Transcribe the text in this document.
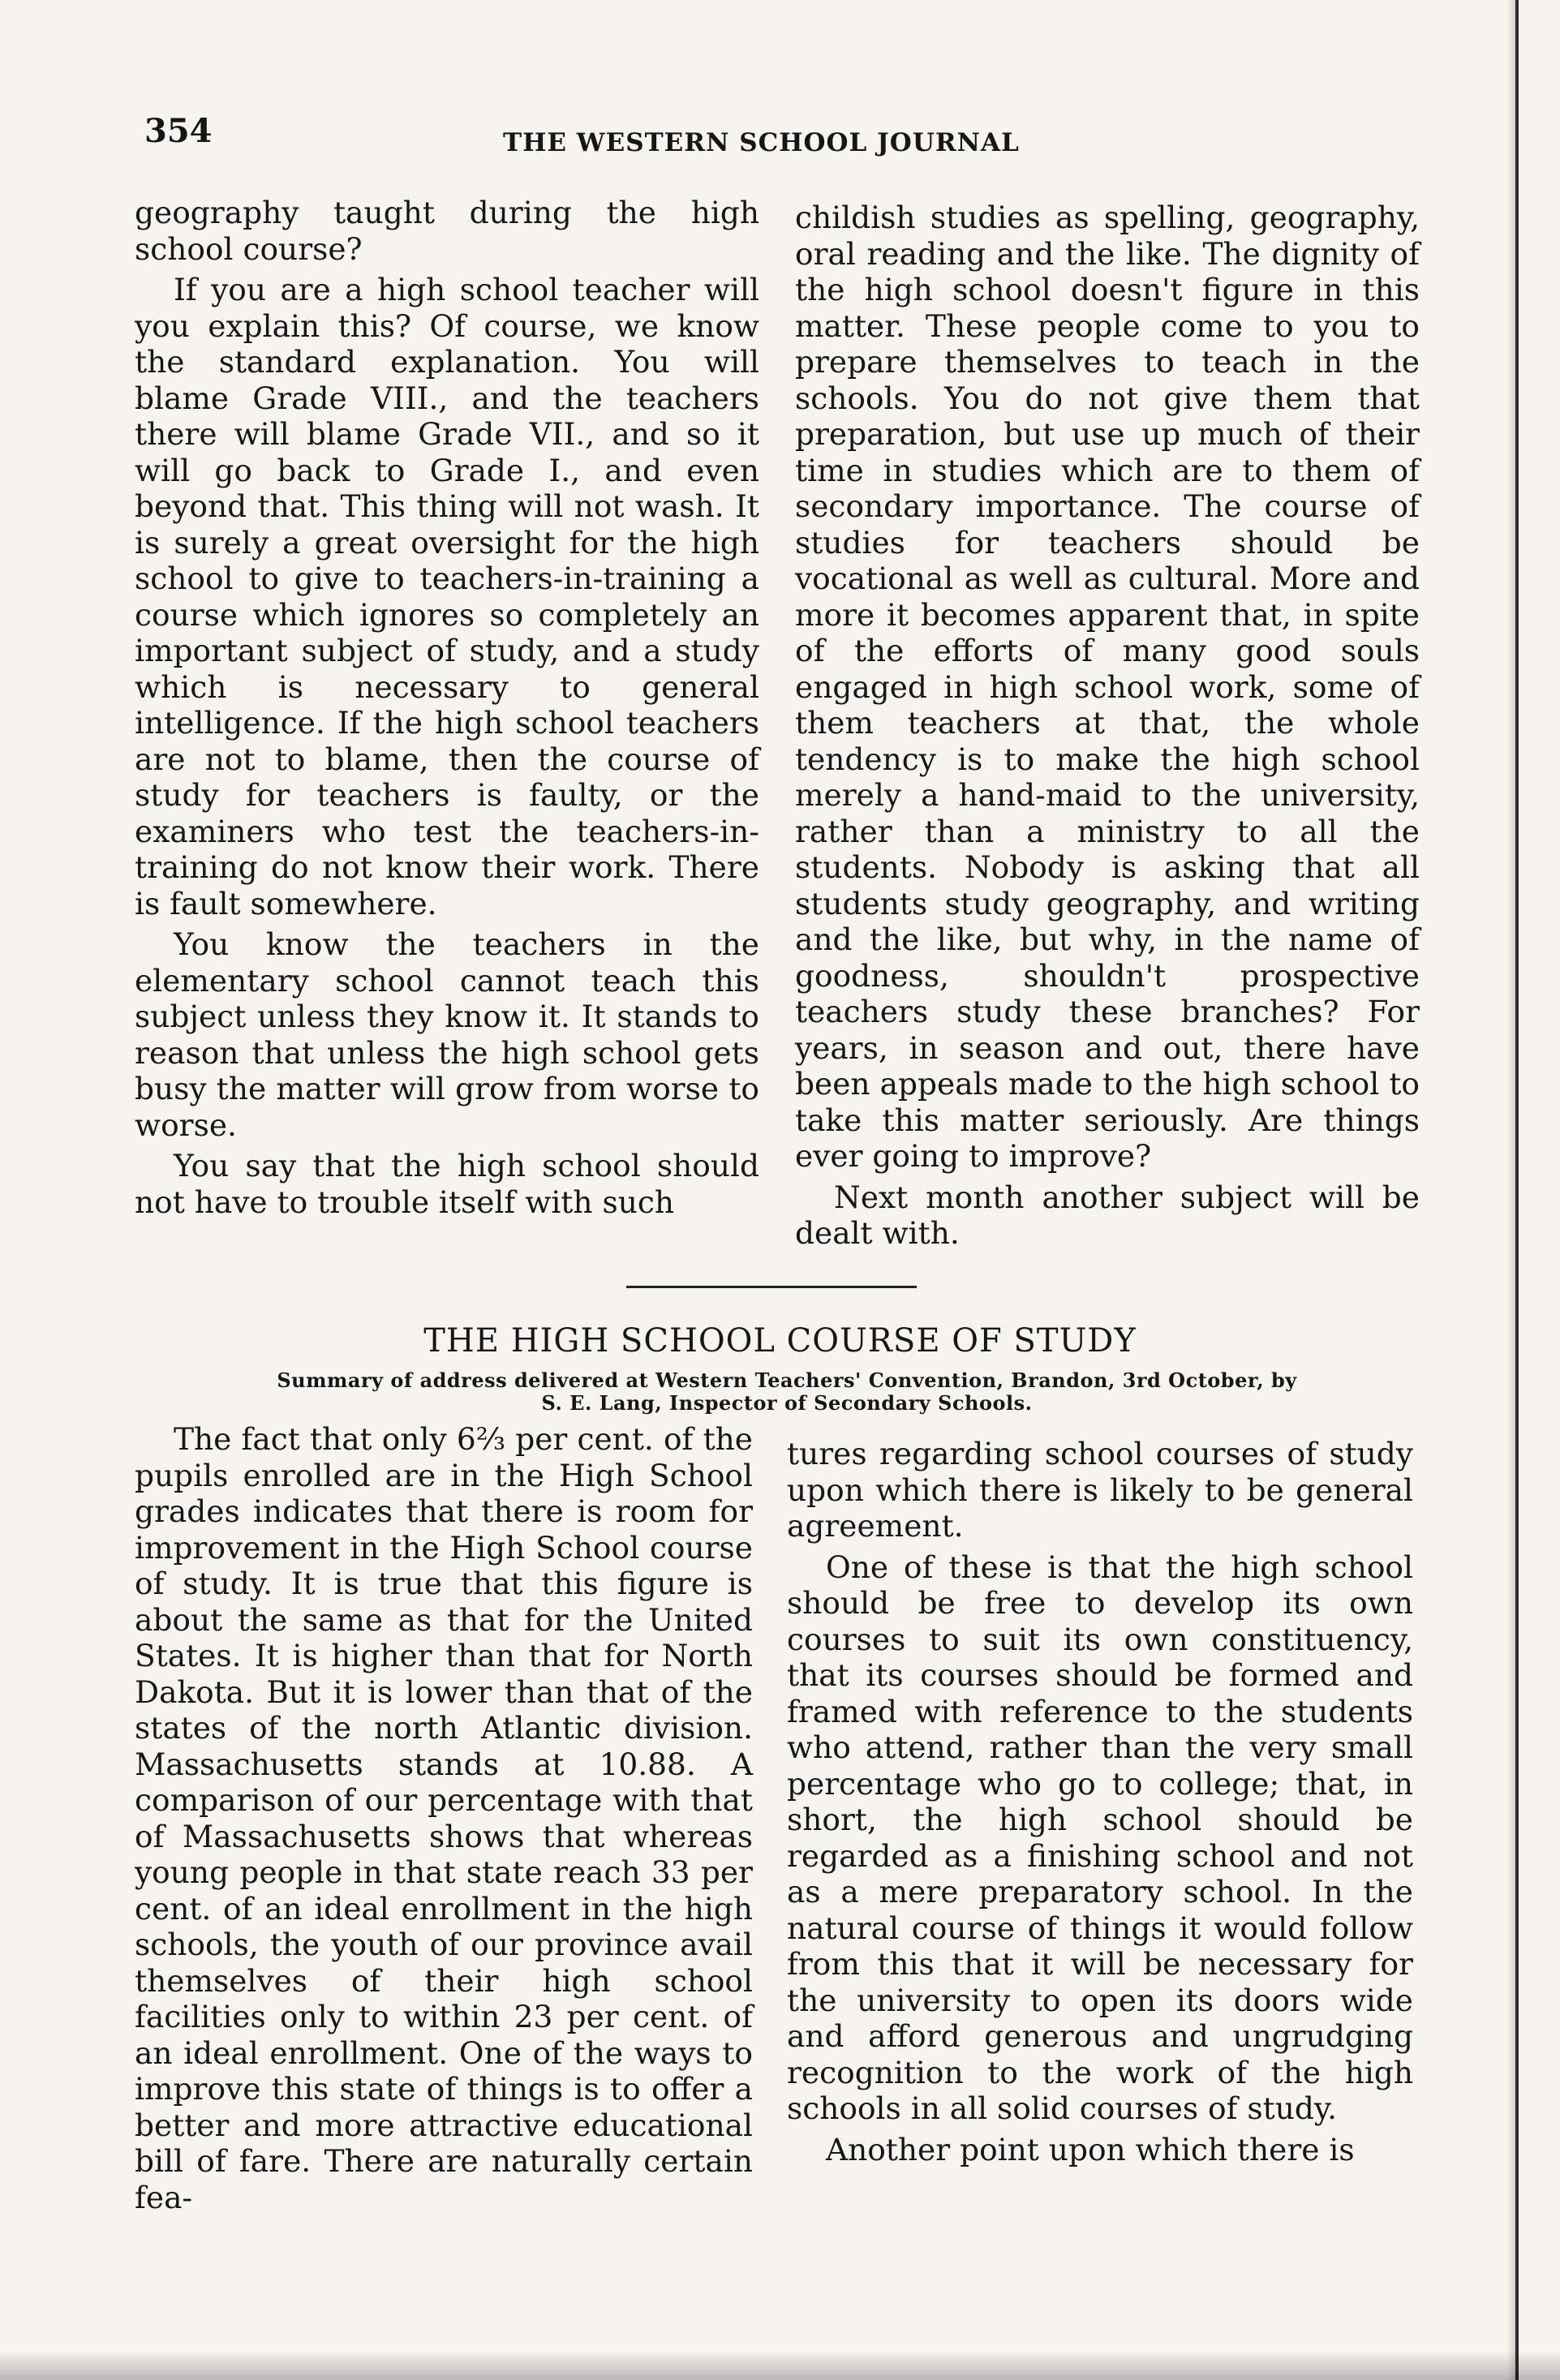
354	THE WESTERN SCHOOL JOURNAL

geography taught during the high school course?

If you are a high school teacher will you explain this? Of course, we know the standard explanation. You will blame Grade VIII., and the teachers there will blame Grade VII., and so it will go back to Grade I., and even beyond that. This thing will not wash. It is surely a great oversight for the high school to give to teachers-in-training a course which ignores so completely an important subject of study, and a study which is necessary to general intelligence. If the high school teachers are not to blame, then the course of study for teachers is faulty, or the examiners who test the teachers-in-training do not know their work. There is fault somewhere.

You know the teachers in the elementary school cannot teach this subject unless they know it. It stands to reason that unless the high school gets busy the matter will grow from worse to worse.

You say that the high school should not have to trouble itself with such

childish studies as spelling, geography, oral reading and the like. The dignity of the high school doesn't figure in this matter. These people come to you to prepare themselves to teach in the schools. You do not give them that preparation, but use up much of their time in studies which are to them of secondary importance. The course of studies for teachers should be vocational as well as cultural. More and more it becomes apparent that, in spite of the efforts of many good souls engaged in high school work, some of them teachers at that, the whole tendency is to make the high school merely a hand-maid to the university, rather than a ministry to all the students. Nobody is asking that all students study geography, and writing and the like, but why, in the name of goodness, shouldn't prospective teachers study these branches? For years, in season and out, there have been appeals made to the high school to take this matter seriously. Are things ever going to improve?

Next month another subject will be dealt with.

THE HIGH SCHOOL COURSE OF STUDY
Summary of address delivered at Western Teachers' Convention, Brandon, 3rd October, by
S. E. Lang, Inspector of Secondary Schools.

The fact that only 6⅔ per cent. of the pupils enrolled are in the High School grades indicates that there is room for improvement in the High School course of study. It is true that this figure is about the same as that for the United States. It is higher than that for North Dakota. But it is lower than that of the states of the north Atlantic division. Massachusetts stands at 10.88. A comparison of our percentage with that of Massachusetts shows that whereas young people in that state reach 33 per cent. of an ideal enrollment in the high schools, the youth of our province avail themselves of their high school facilities only to within 23 per cent. of an ideal enrollment. One of the ways to improve this state of things is to offer a better and more attractive educational bill of fare. There are naturally certain fea-

tures regarding school courses of study upon which there is likely to be general agreement.

One of these is that the high school should be free to develop its own courses to suit its own constituency, that its courses should be formed and framed with reference to the students who attend, rather than the very small percentage who go to college; that, in short, the high school should be regarded as a finishing school and not as a mere preparatory school. In the natural course of things it would follow from this that it will be necessary for the university to open its doors wide and afford generous and ungrudging recognition to the work of the high schools in all solid courses of study.

Another point upon which there is
